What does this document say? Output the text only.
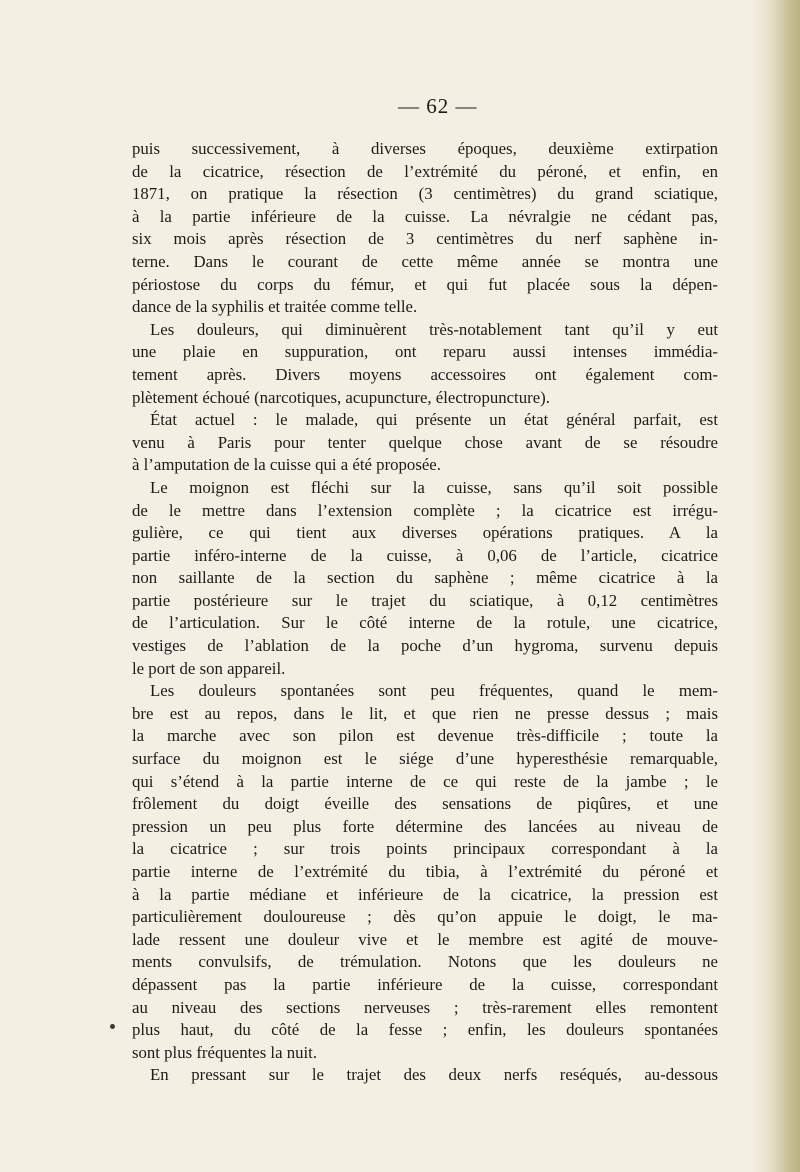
— 62 —
puis successivement, à diverses époques, deuxième extirpation
de la cicatrice, résection de l’extrémité du péroné, et enfin, en
1871, on pratique la résection (3 centimètres) du grand sciatique,
à la partie inférieure de la cuisse. La névralgie ne cédant pas,
six mois après résection de 3 centimètres du nerf saphène in-
terne. Dans le courant de cette même année se montra une
périostose du corps du fémur, et qui fut placée sous la dépen-
dance de la syphilis et traitée comme telle.
Les douleurs, qui diminuèrent très-notablement tant qu’il y eut
une plaie en suppuration, ont reparu aussi intenses immédia-
tement après. Divers moyens accessoires ont également com-
plètement échoué (narcotiques, acupuncture, électropuncture).
État actuel : le malade, qui présente un état général parfait, est
venu à Paris pour tenter quelque chose avant de se résoudre
à l’amputation de la cuisse qui a été proposée.
Le moignon est fléchi sur la cuisse, sans qu’il soit possible
de le mettre dans l’extension complète ; la cicatrice est irrégu-
gulière, ce qui tient aux diverses opérations pratiques. A la
partie inféro-interne de la cuisse, à 0,06 de l’article, cicatrice
non saillante de la section du saphène ; même cicatrice à la
partie postérieure sur le trajet du sciatique, à 0,12 centimètres
de l’articulation. Sur le côté interne de la rotule, une cicatrice,
vestiges de l’ablation de la poche d’un hygroma, survenu depuis
le port de son appareil.
Les douleurs spontanées sont peu fréquentes, quand le mem-
bre est au repos, dans le lit, et que rien ne presse dessus ; mais
la marche avec son pilon est devenue très-difficile ; toute la
surface du moignon est le siége d’une hyperesthésie remarquable,
qui s’étend à la partie interne de ce qui reste de la jambe ; le
frôlement du doigt éveille des sensations de piqûres, et une
pression un peu plus forte détermine des lancées au niveau de
la cicatrice ; sur trois points principaux correspondant à la
partie interne de l’extrémité du tibia, à l’extrémité du péroné et
à la partie médiane et inférieure de la cicatrice, la pression est
particulièrement douloureuse ; dès qu’on appuie le doigt, le ma-
lade ressent une douleur vive et le membre est agité de mouve-
ments convulsifs, de trémulation. Notons que les douleurs ne
dépassent pas la partie inférieure de la cuisse, correspondant
au niveau des sections nerveuses ; très-rarement elles remontent
plus haut, du côté de la fesse ; enfin, les douleurs spontanées
sont plus fréquentes la nuit.
En pressant sur le trajet des deux nerfs reséqués, au-dessous
